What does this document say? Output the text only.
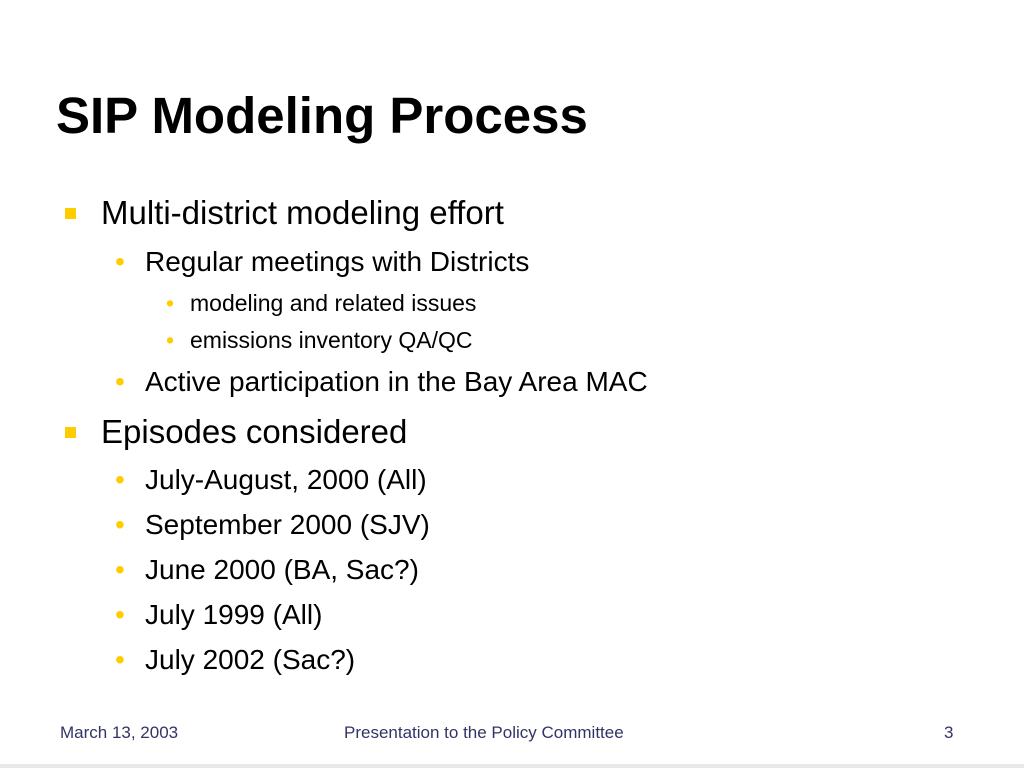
SIP Modeling Process
Multi-district modeling effort
• Regular meetings with Districts
• modeling and related issues
• emissions inventory QA/QC
• Active participation in the Bay Area MAC
Episodes considered
• July-August, 2000 (All)
• September 2000 (SJV)
• June 2000 (BA, Sac?)
• July 1999 (All)
• July 2002 (Sac?)
March 13, 2003	Presentation to the Policy Committee	3
